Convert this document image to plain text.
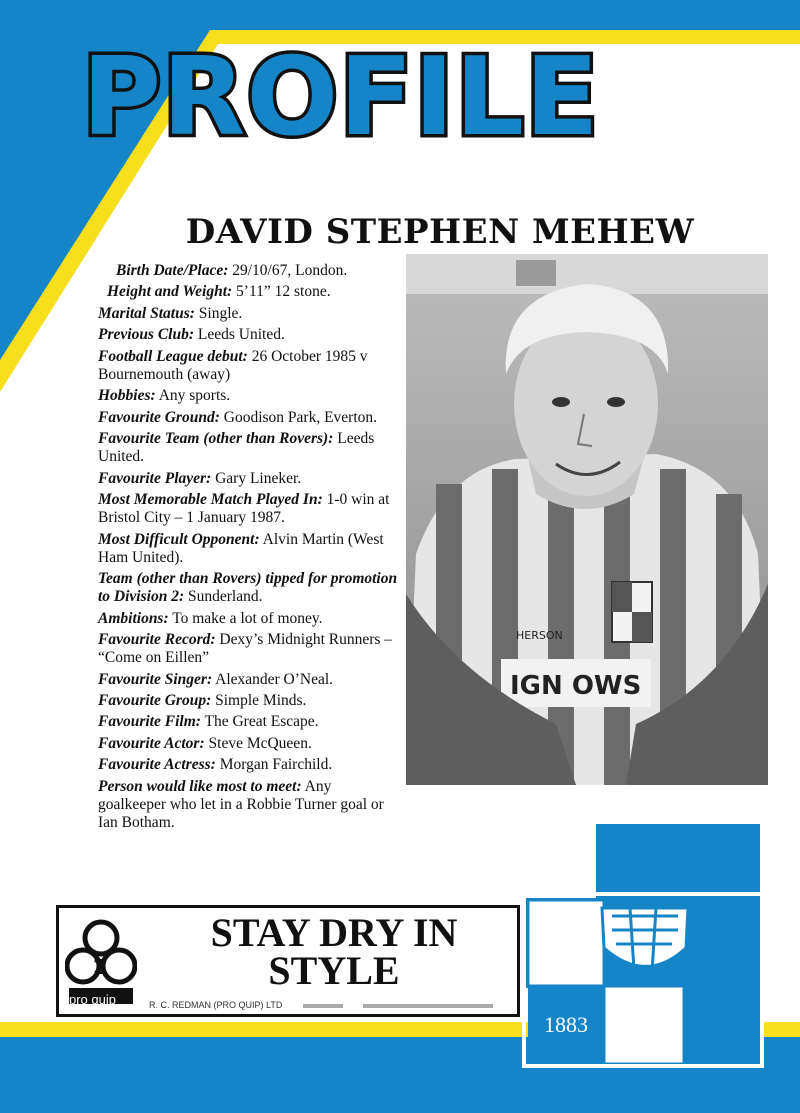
1883
PROFILE
DAVID STEPHEN MEHEW

Birth Date/Place: 29/10/67, London.

Height and Weight: 5’11” 12 stone.

Marital Status: Single.

Previous Club: Leeds United.

Football League debut: 26 October 1985 v Bournemouth (away)

Hobbies: Any sports.

Favourite Ground: Goodison Park, Everton.

Favourite Team (other than Rovers): Leeds United.

Favourite Player: Gary Lineker.

Most Memorable Match Played In: 1-0 win at Bristol City – 1 January 1987.

Most Difficult Opponent: Alvin Martin (West Ham United).

Team (other than Rovers) tipped for promotion to Division 2: Sunderland.

Ambitions: To make a lot of money.

Favourite Record: Dexy’s Midnight Runners – “Come on Eillen”

Favourite Singer: Alexander O’Neal.

Favourite Group: Simple Minds.

Favourite Film: The Great Escape.

Favourite Actor: Steve McQueen.

Favourite Actress: Morgan Fairchild.

Person would like most to meet: Any goalkeeper who let in a Robbie Turner goal or Ian Botham.

HERSON
IGN OWS
2
pro quip
STAY DRY IN
STYLE
R. C. REDMAN (PRO QUIP) LTD
